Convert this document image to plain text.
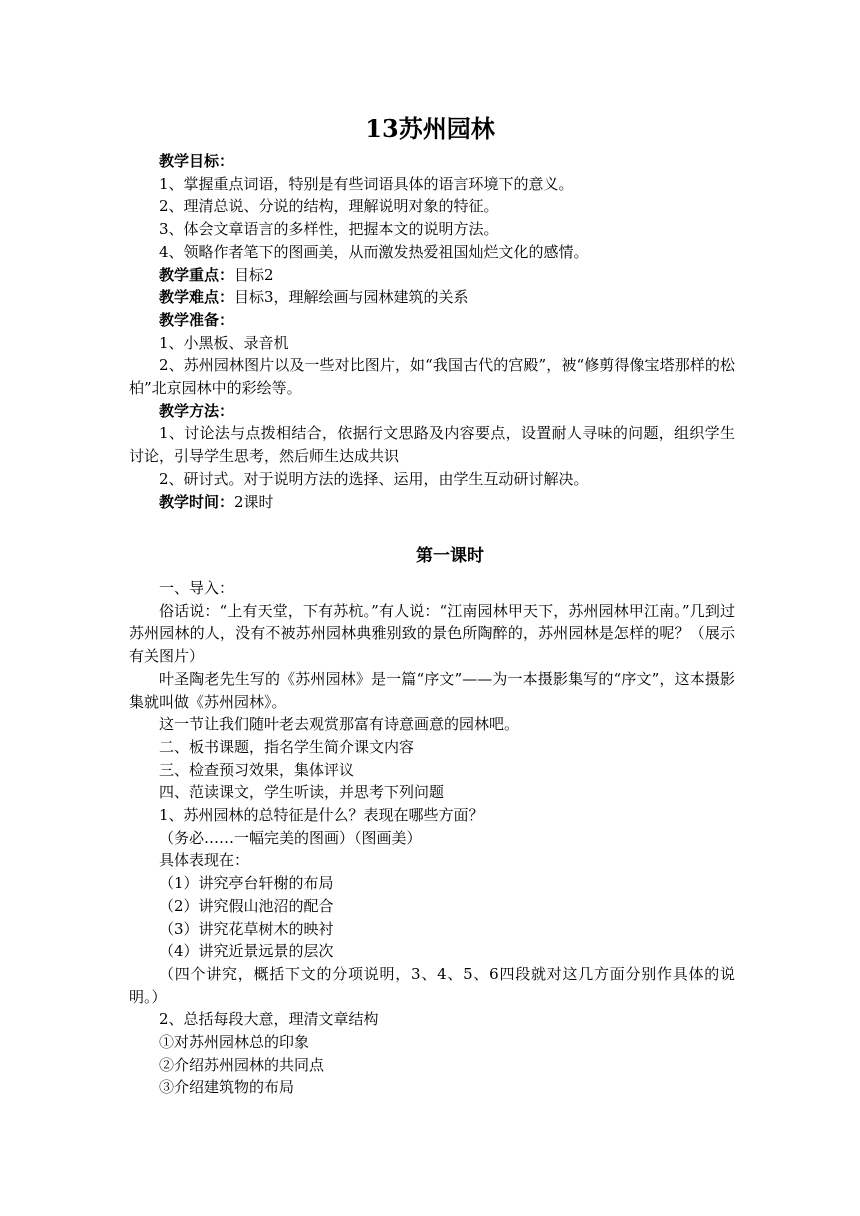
13苏州园林

教学目标：

1、掌握重点词语，特别是有些词语具体的语言环境下的意义。

2、理清总说、分说的结构，理解说明对象的特征。

3、体会文章语言的多样性，把握本文的说明方法。

4、领略作者笔下的图画美，从而激发热爱祖国灿烂文化的感情。

教学重点：目标2

教学难点：目标3，理解绘画与园林建筑的关系

教学准备：

1、小黑板、录音机

2、苏州园林图片以及一些对比图片，如“我国古代的宫殿”，被“修剪得像宝塔那样的松柏”北京园林中的彩绘等。

教学方法：

1、讨论法与点拨相结合，依据行文思路及内容要点，设置耐人寻味的问题，组织学生讨论，引导学生思考，然后师生达成共识

2、研讨式。对于说明方法的选择、运用，由学生互动研讨解决。

教学时间：2课时

第一课时

一、导入：

俗话说：“上有天堂，下有苏杭。”有人说：“江南园林甲天下，苏州园林甲江南。”几到过苏州园林的人，没有不被苏州园林典雅别致的景色所陶醉的，苏州园林是怎样的呢？（展示有关图片）

叶圣陶老先生写的《苏州园林》是一篇“序文”——为一本摄影集写的“序文”，这本摄影集就叫做《苏州园林》。

这一节让我们随叶老去观赏那富有诗意画意的园林吧。

二、板书课题，指名学生简介课文内容

三、检查预习效果，集体评议

四、范读课文，学生听读，并思考下列问题

1、苏州园林的总特征是什么？表现在哪些方面？

（务必……一幅完美的图画）（图画美）

具体表现在：

（1）讲究亭台轩榭的布局

（2）讲究假山池沼的配合

（3）讲究花草树木的映衬

（4）讲究近景远景的层次

（四个讲究，概括下文的分项说明，3、4、5、6四段就对这几方面分别作具体的说明。）

2、总括每段大意，理清文章结构

①对苏州园林总的印象

②介绍苏州园林的共同点

③介绍建筑物的布局
